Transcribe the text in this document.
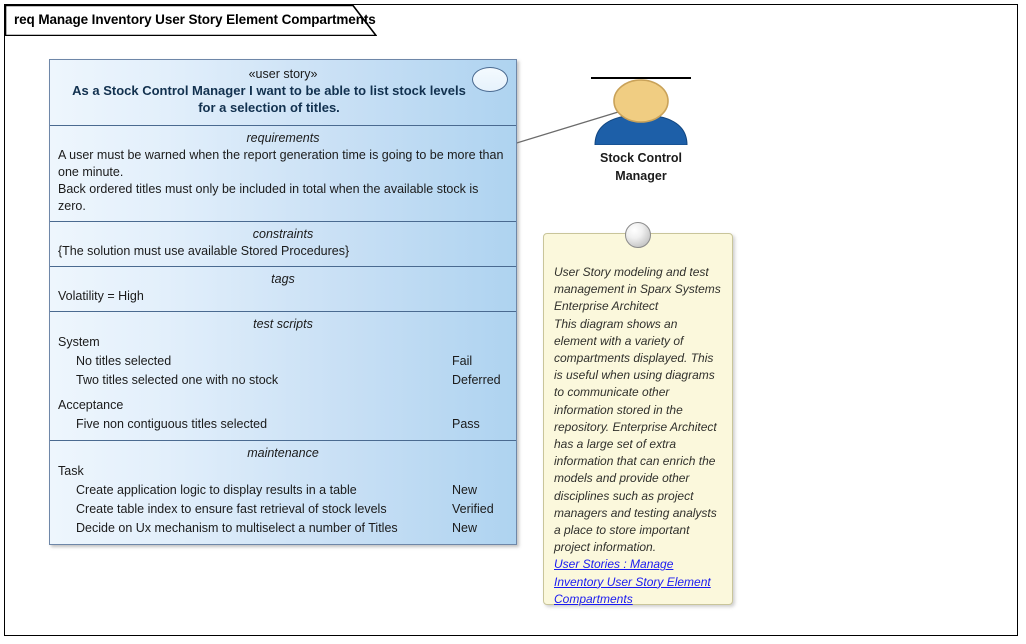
req Manage Inventory User Story Element Compartments
«user story»
As a Stock Control Manager I want to be able to list stock levels for a selection of titles.
requirements
A user must be warned when the report generation time is going to be more than one minute.
Back ordered titles must only be included in total when the available stock is zero.
constraints
{The solution must use available Stored Procedures}
tags
Volatility = High
test scripts
System
No titles selected	Fail
Two titles selected one with no stock	Deferred
Acceptance
Five non contiguous titles selected	Pass
maintenance
Task
Create application logic to display results in a table	New
Create table index to ensure fast retrieval of stock levels	Verified
Decide on Ux mechanism to multiselect a number of Titles	New
Stock Control
Manager
User Story modeling and test management in Sparx Systems Enterprise Architect
This diagram shows an element with a variety of compartments displayed. This is useful when using diagrams to communicate other information stored in the repository. Enterprise Architect has a large set of extra information that can enrich the models and provide other disciplines such as project managers and testing analysts a place to store important project information.
User Stories : Manage Inventory User Story Element Compartments
